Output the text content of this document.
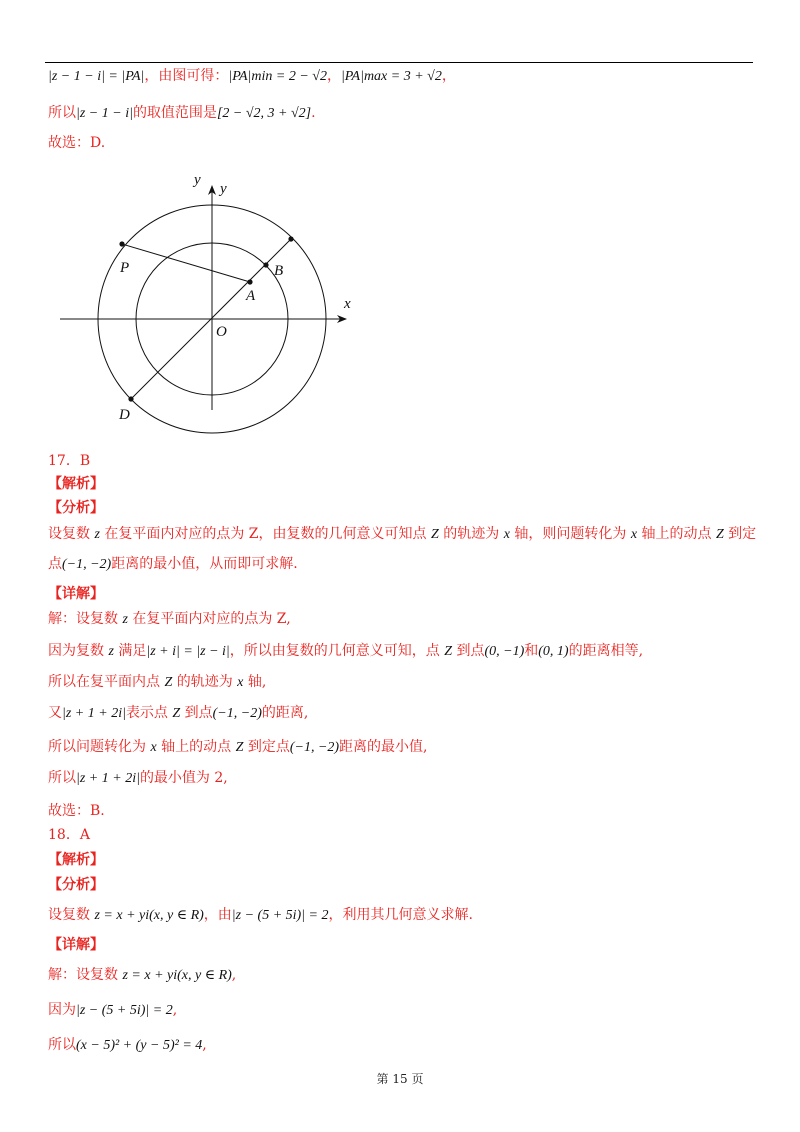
|z − 1 − i| = |PA|，由图可得：|PA|min = 2 − √2，|PA|max = 3 + √2，
所以|z − 1 − i|的取值范围是[2 − √2, 3 + √2].
故选：D.
y
y
x
O
P
A
B
D
17．B
【解析】
【分析】
设复数 z 在复平面内对应的点为 Z，由复数的几何意义可知点 Z 的轨迹为 x 轴，则问题转化为 x 轴上的动点 Z 到定
点(−1, −2)距离的最小值，从而即可求解.
【详解】
解：设复数 z 在复平面内对应的点为 Z,
因为复数 z 满足|z + i| = |z − i|，所以由复数的几何意义可知，点 Z 到点(0, −1)和(0, 1)的距离相等,
所以在复平面内点 Z 的轨迹为 x 轴,
又|z + 1 + 2i|表示点 Z 到点(−1, −2)的距离,
所以问题转化为 x 轴上的动点 Z 到定点(−1, −2)距离的最小值,
所以|z + 1 + 2i|的最小值为 2,
故选：B.
18．A
【解析】
【分析】
设复数 z = x + yi(x, y ∈ R)，由|z − (5 + 5i)| = 2，利用其几何意义求解.
【详解】
解：设复数 z = x + yi(x, y ∈ R),
因为|z − (5 + 5i)| = 2,
所以(x − 5)² + (y − 5)² = 4,
第 15 页
